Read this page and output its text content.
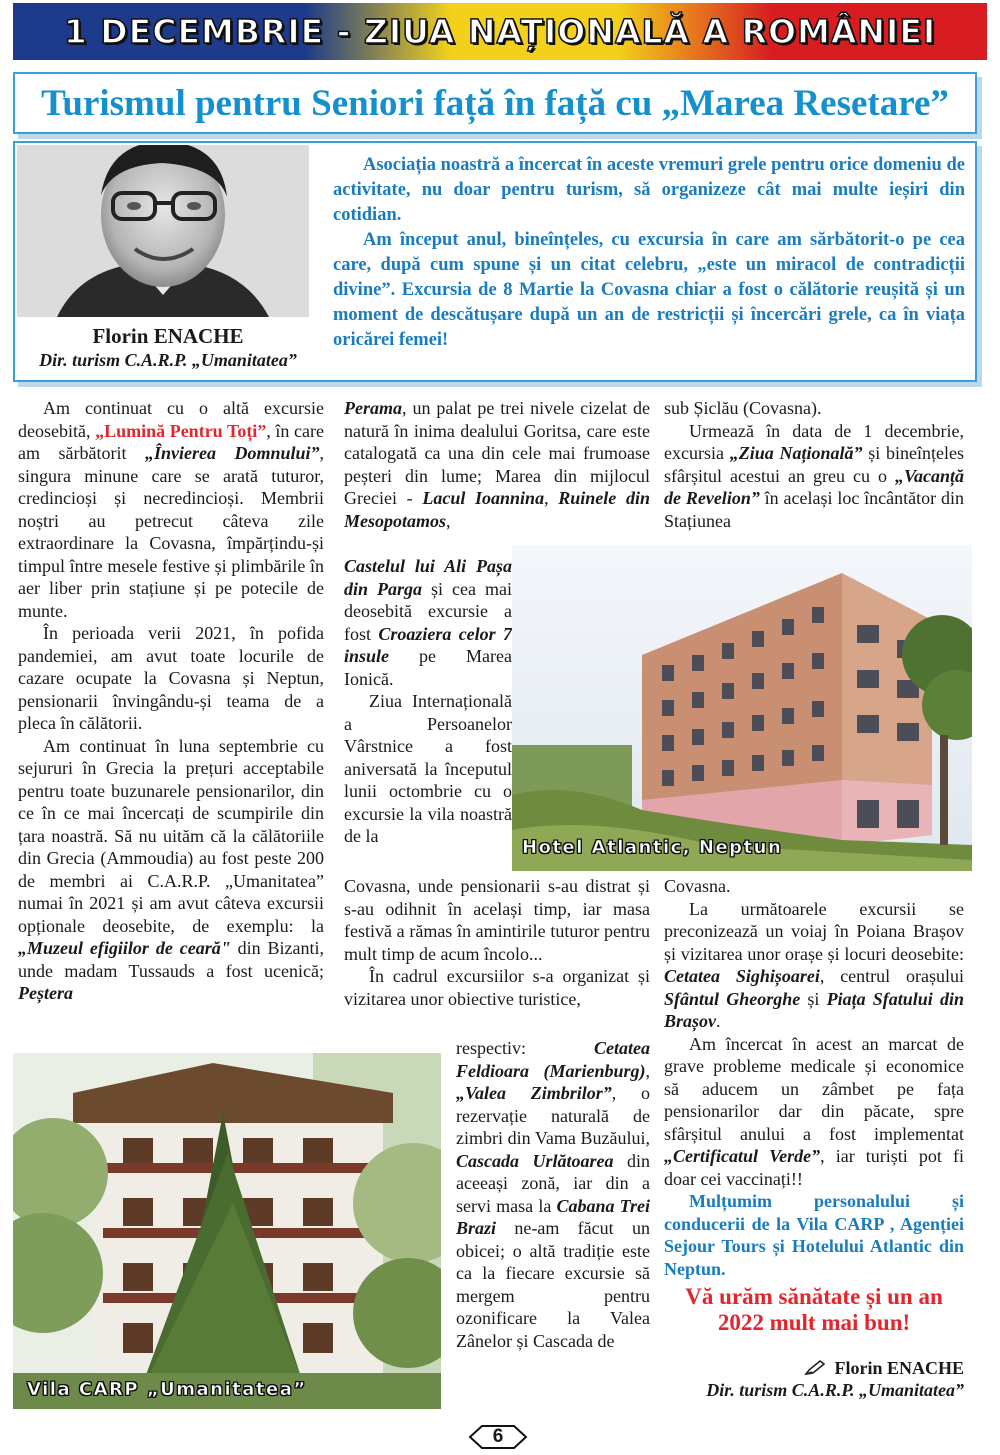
1 DECEMBRIE - ZIUA NAȚIONALĂ A ROMÂNIEI
Turismul pentru Seniori față în față cu „Marea Resetare”
Florin ENACHE
Dir. turism C.A.R.P. „Umanitatea”

Asociația noastră a încercat în aceste vremuri grele pentru orice domeniu de activitate, nu doar pentru turism, să organizeze cât mai multe ieșiri din cotidian.

Am început anul, bineînțeles, cu excursia în care am sărbătorit-o pe cea care, după cum spune și un citat celebru, „este un miracol de contradicții divine”. Excursia de 8 Martie la Covasna chiar a fost o călătorie reușită și un moment de descătușare după un an de restricții și încercări grele, ca în viața oricărei femei!

Am continuat cu o altă excursie deosebită, „Lumină Pentru Toți”, în care am sărbătorit „Învierea Domnului”, singura minune care se arată tuturor, credincioși și necredincioși. Membrii noștri au petrecut câteva zile extraordinare la Covasna, împărțindu-și timpul între mesele festive și plimbările în aer liber prin stațiune și pe potecile de munte.

În perioada verii 2021, în pofida pandemiei, am avut toate locurile de cazare ocupate la Covasna și Neptun, pensionarii învingându-și teama de a pleca în călătorii.

Am continuat în luna septembrie cu sejururi în Grecia la prețuri acceptabile pentru toate buzunarele pensionarilor, din ce în ce mai încercați de scumpirile din țara noastră. Să nu uităm că la călătoriile din Grecia (Ammoudia) au fost peste 200 de membri ai C.A.R.P. „Umanitatea” numai în 2021 și am avut câteva excursii opționale deosebite, de exemplu: la „Muzeul efigiilor de ceară" din Bizanti, unde madam Tussauds a fost ucenică; Peștera

Perama, un palat pe trei nivele cizelat de natură în inima dealului Goritsa, care este catalogată ca una din cele mai frumoase peșteri din lume; Marea din mijlocul Greciei - Lacul Ioannina, Ruinele din Mesopotamos,

Castelul lui Ali Pașa din Parga și cea mai deosebită excursie a fost Croaziera celor 7 insule pe Marea Ionică.

Ziua Internațională a Persoanelor Vârstnice a fost aniversată la începutul lunii octombrie cu o excursie la vila noastră de la

Covasna, unde pensionarii s-au distrat și s-au odihnit în același timp, iar masa festivă a rămas în amintirile tuturor pentru mult timp de acum încolo...

În cadrul excursiilor s-a organizat și vizitarea unor obiective turistice,

respectiv: Cetatea Feldioara (Marienburg), „Valea Zimbrilor”, o rezervație naturală de zimbri din Vama Buzăului, Cascada Urlătoarea din aceeași zonă, iar din a servi masa la Cabana Trei Brazi ne-am făcut un obicei; o altă tradiție este ca la fiecare excursie să mergem pentru ozonificare la Valea Zânelor și Cascada de

sub Șiclău (Covasna).

Urmează în data de 1 decembrie, excursia „Ziua Națională” și bineînțeles sfârșitul acestui an greu cu o „Vacanță de Revelion” în același loc încântător din Stațiunea

Hotel Atlantic, Neptun

Covasna.

La următoarele excursii se preconizează un voiaj în Poiana Brașov și vizitarea unor orașe și locuri deosebite: Cetatea Sighișoarei, centrul orașului Sfântul Gheorghe și Piața Sfatului din Brașov.

Am încercat în acest an marcat de grave probleme medicale și economice să aducem un zâmbet pe fața pensionarilor dar din păcate, spre sfârșitul anului a fost implementat „Certificatul Verde”, iar turiști pot fi doar cei vaccinați!!

Mulțumim personalului și conducerii de la Vila CARP , Agenției Sejour Tours și Hotelului Atlantic din Neptun.

Vă urăm sănătate și un an 2022 mult mai bun!
Vila CARP „Umanitatea”
Florin ENACHE
Dir. turism C.A.R.P. „Umanitatea”
6
